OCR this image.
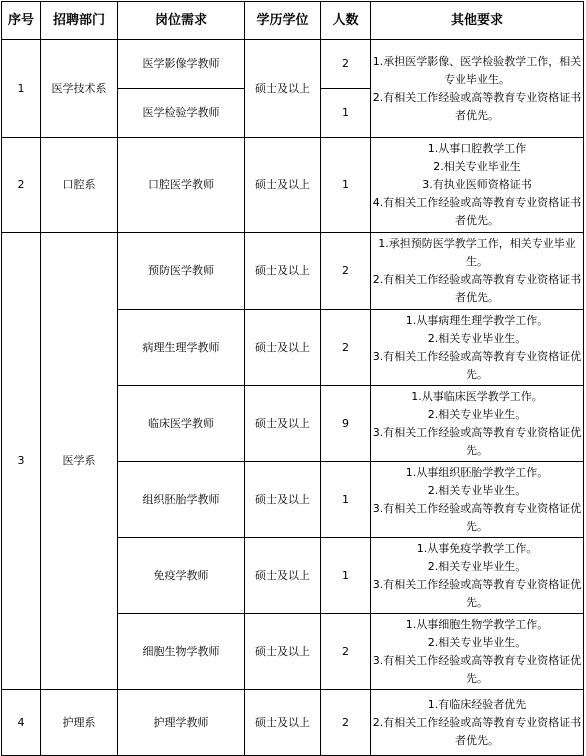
序号	招聘部门	岗位需求	学历学位	人数	其他要求
1	医学技术系	医学影像学教师	硕士及以上	2	1.承担医学影像、医学检验教学工作，相关专业毕业生。
2.有相关工作经验或高等教育专业资格证书者优先。

		医学检验学教师		1	
2	口腔系	口腔医学教师	硕士及以上	1	1.从事口腔教学工作
2.相关专业毕业生
3.有执业医师资格证书
4.有相关工作经验或高等教育专业资格证书者优先。

3	医学系	预防医学教师	硕士及以上	2	1.承担预防医学教学工作，相关专业毕业生。
2.有相关工作经验或高等教育专业资格证书者优先。

		病理生理学教师	硕士及以上	2	1.从事病理生理学教学工作。
2.相关专业毕业生。
3.有相关工作经验或高等教育专业资格证优先。

		临床医学教师	硕士及以上	9	1.从事临床医学教学工作。
2.相关专业毕业生。
3.有相关工作经验或高等教育专业资格证优先。

		组织胚胎学教师	硕士及以上	1	1.从事组织胚胎学教学工作。
2.相关专业毕业生。
3.有相关工作经验或高等教育专业资格证优先。

		免疫学教师	硕士及以上	1	1.从事免疫学教学工作。
2.相关专业毕业生。
3.有相关工作经验或高等教育专业资格证优先。

		细胞生物学教师	硕士及以上	2	1.从事细胞生物学教学工作。
2.相关专业毕业生。
3.有相关工作经验或高等教育专业资格证优先。

4	护理系	护理学教师	硕士及以上	2	1.有临床经验者优先
2.有相关工作经验或高等教育专业资格证书者优先。
